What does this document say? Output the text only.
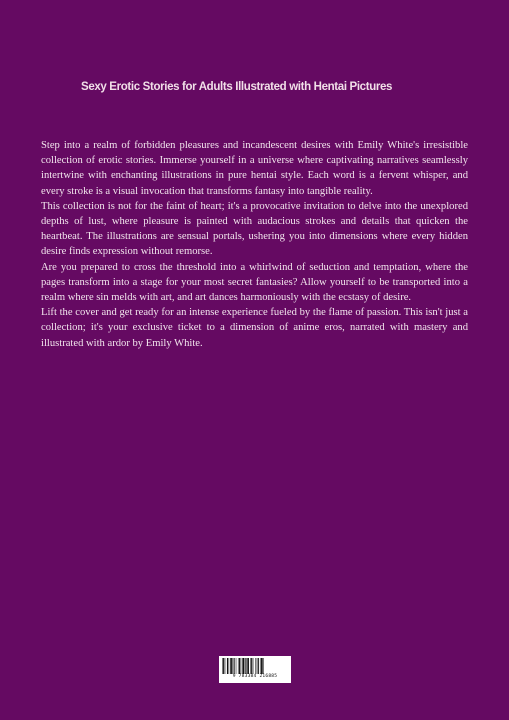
Sexy Erotic Stories for Adults Illustrated with Hentai Pictures

Step into a realm of forbidden pleasures and incandescent desires with Emily White's irresistible collection of erotic stories. Immerse yourself in a universe where captivating narratives seamlessly intertwine with enchanting illustrations in pure hentai style. Each word is a fervent whisper, and every stroke is a visual invocation that transforms fantasy into tangible reality.

This collection is not for the faint of heart; it's a provocative invitation to delve into the unexplored depths of lust, where pleasure is painted with audacious strokes and details that quicken the heartbeat. The illustrations are sensual portals, ushering you into dimensions where every hidden desire finds expression without remorse.

Are you prepared to cross the threshold into a whirlwind of seduction and temptation, where the pages transform into a stage for your most secret fantasies? Allow yourself to be transported into a realm where sin melds with art, and art dances harmoniously with the ecstasy of desire.

Lift the cover and get ready for an intense experience fueled by the flame of passion. This isn't just a collection; it's your exclusive ticket to a dimension of anime eros, narrated with mastery and illustrated with ardor by Emily White.

9 783384 216885
